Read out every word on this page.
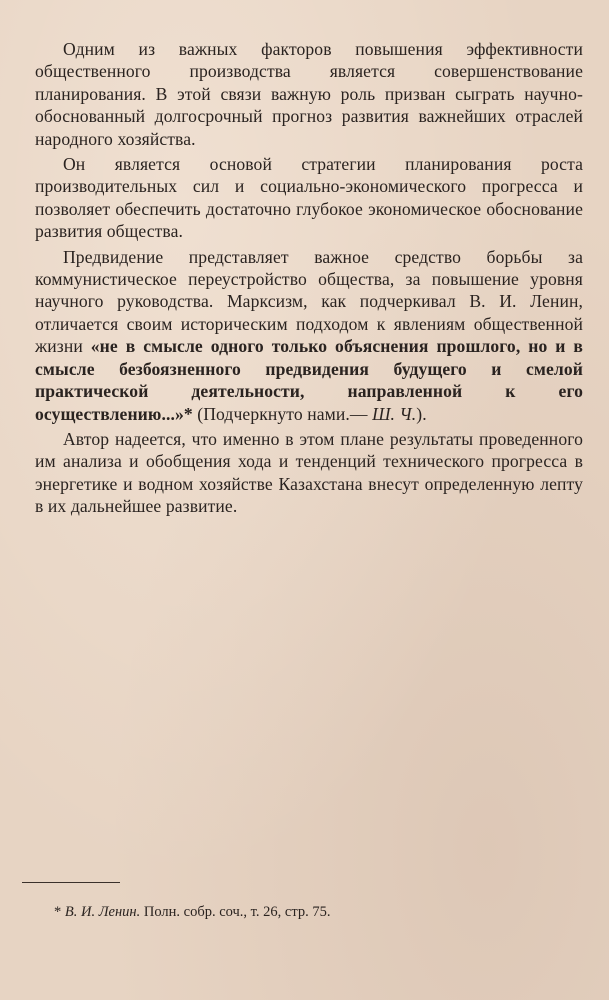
Одним из важных факторов повышения эффективности общественного производства является совершенствование планирования. В этой связи важную роль призван сыграть научно-обоснованный долгосрочный прогноз развития важнейших отраслей народного хозяйства.

Он является основой стратегии планирования роста производительных сил и социально-экономического прогресса и позволяет обеспечить достаточно глубокое экономическое обоснование развития общества.

Предвидение представляет важное средство борьбы за коммунистическое переустройство общества, за повышение уровня научного руководства. Марксизм, как подчеркивал В. И. Ленин, отличается своим историческим подходом к явлениям общественной жизни «не в смысле одного только объяснения прошлого, но и в смысле безбоязненного предвидения будущего и смелой практической деятельности, направленной к его осуществлению...»* (Подчеркнуто нами.— Ш. Ч.).

Автор надеется, что именно в этом плане результаты проведенного им анализа и обобщения хода и тенденций технического прогресса в энергетике и водном хозяйстве Казахстана внесут определенную лепту в их дальнейшее развитие.

* В. И. Ленин. Полн. собр. соч., т. 26, стр. 75.
